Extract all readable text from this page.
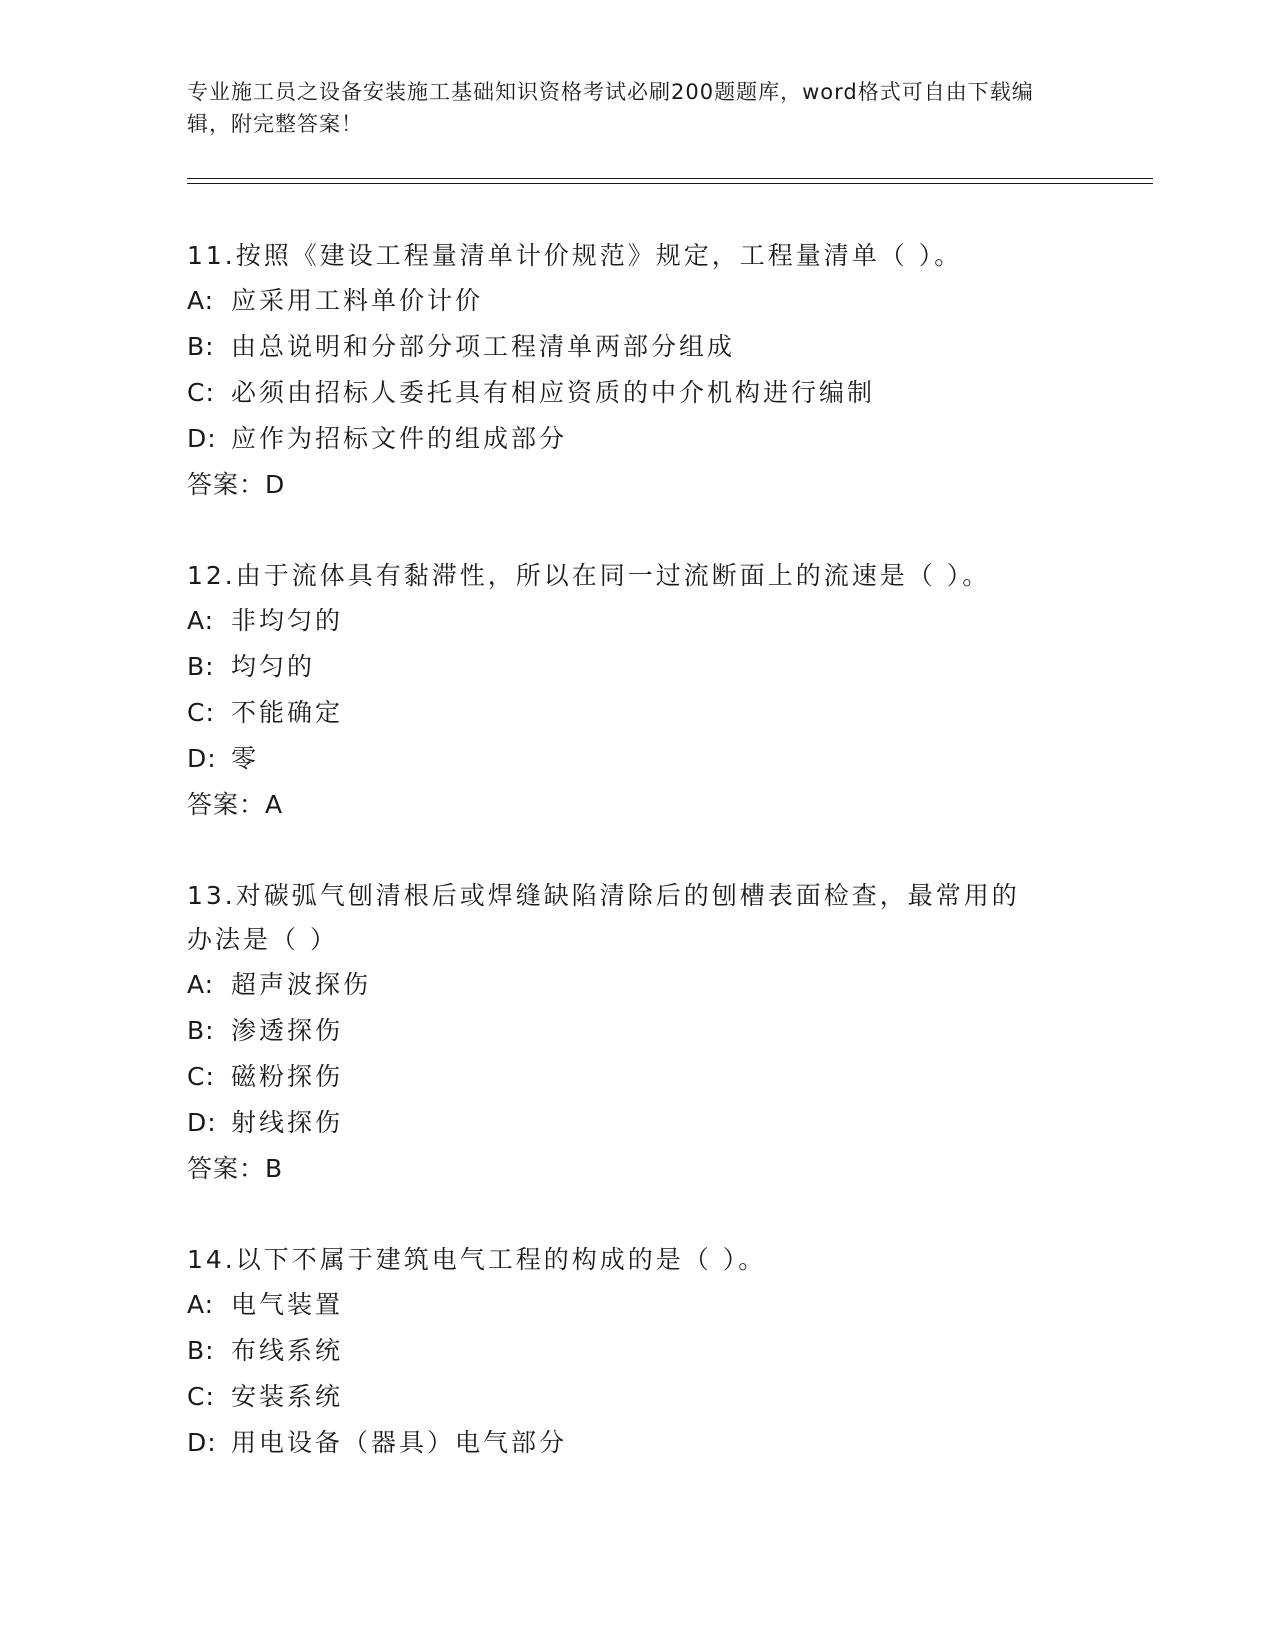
专业施工员之设备安装施工基础知识资格考试必刷200题题库，word格式可自由下载编辑，附完整答案！

11.按照《建设工程量清单计价规范》规定，工程量清单（ ）。

A: 应采用工料单价计价

B: 由总说明和分部分项工程清单两部分组成

C: 必须由招标人委托具有相应资质的中介机构进行编制

D: 应作为招标文件的组成部分

答案：D

12.由于流体具有黏滞性，所以在同一过流断面上的流速是（ ）。

A: 非均匀的

B: 均匀的

C: 不能确定

D: 零

答案：A

13.对碳弧气刨清根后或焊缝缺陷清除后的刨槽表面检查，最常用的办法是（ ）

A: 超声波探伤

B: 渗透探伤

C: 磁粉探伤

D: 射线探伤

答案：B

14.以下不属于建筑电气工程的构成的是（ ）。

A: 电气装置

B: 布线系统

C: 安装系统

D: 用电设备（器具）电气部分
